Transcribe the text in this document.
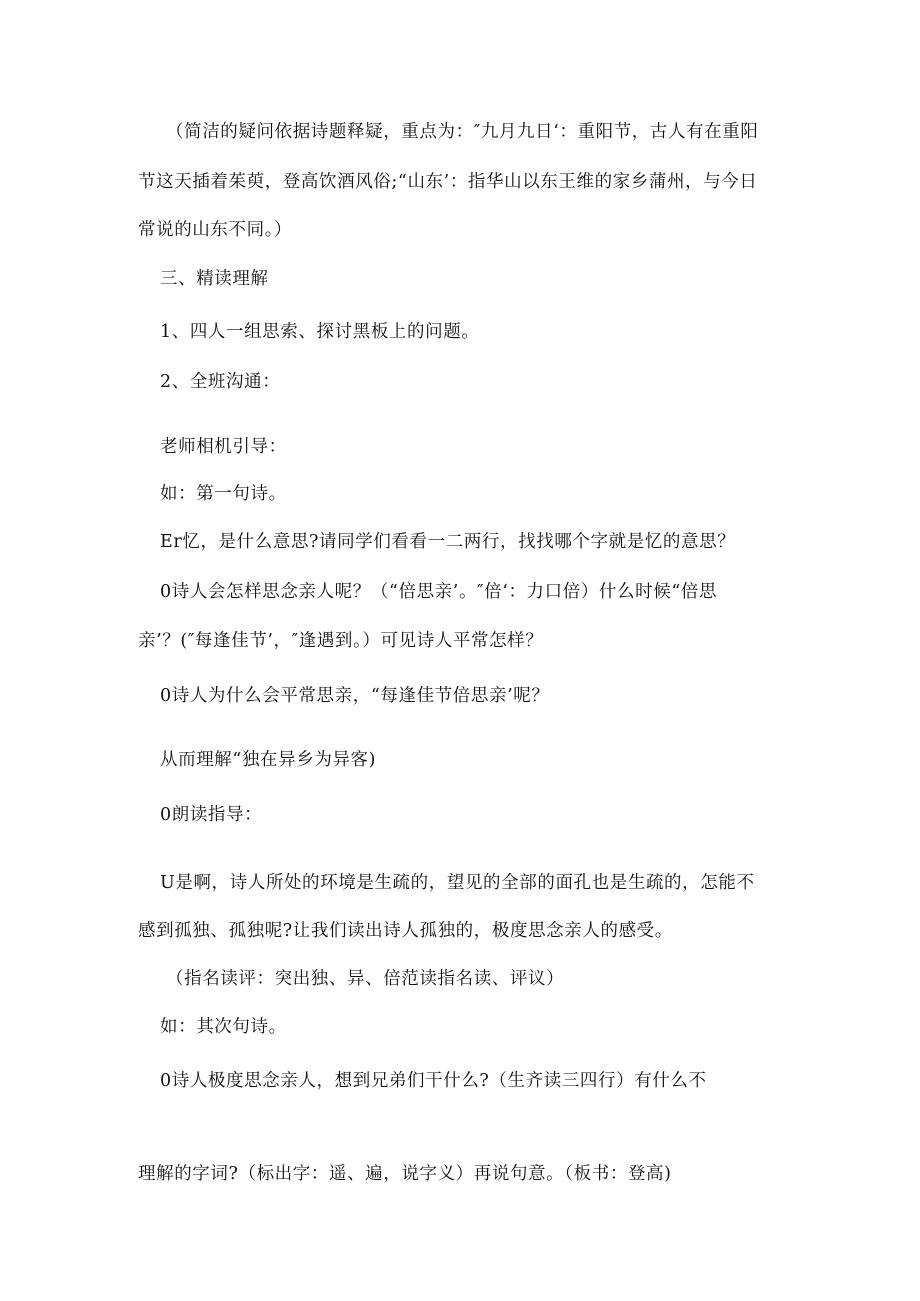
（简洁的疑问依据诗题释疑，重点为：″九月九日‘：重阳节，古人有在重阳
节这天插着茱萸，登高饮酒风俗;“山东’：指华山以东王维的家乡蒲州，与今日
常说的山东不同。）
三、精读理解
1、四人一组思索、探讨黑板上的问题。
2、全班沟通：
老师相机引导：
如：第一句诗。
Er忆，是什么意思?请同学们看看一二两行，找找哪个字就是忆的意思？
0诗人会怎样思念亲人呢？（“倍思亲’。″倍‘：力口倍）什么时候“倍思
亲’？(″每逢佳节’，″逢遇到。）可见诗人平常怎样？
0诗人为什么会平常思亲，“每逢佳节倍思亲’呢？
从而理解“独在异乡为异客)
0朗读指导：
U是啊，诗人所处的环境是生疏的，望见的全部的面孔也是生疏的，怎能不
感到孤独、孤独呢?让我们读出诗人孤独的，极度思念亲人的感受。
（指名读评：突出独、异、倍范读指名读、评议）
如：其次句诗。
0诗人极度思念亲人，想到兄弟们干什么?（生齐读三四行）有什么不
理解的字词?（标出字：遥、遍，说字义）再说句意。（板书：登高)
